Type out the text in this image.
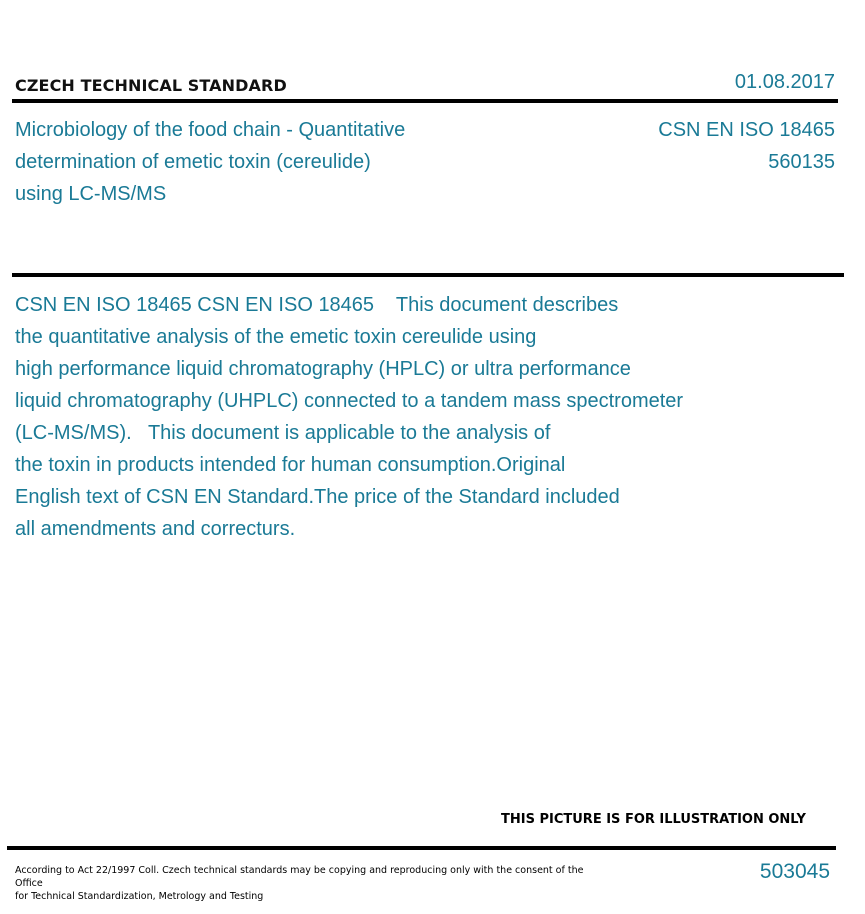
CZECH TECHNICAL STANDARD	01.08.2017
Microbiology of the food chain - Quantitative
determination of emetic toxin (cereulide)
using LC-MS/MS
CSN EN ISO 18465
560135
CSN EN ISO 18465 CSN EN ISO 18465    This document describes
the quantitative analysis of the emetic toxin cereulide using
high performance liquid chromatography (HPLC) or ultra performance
liquid chromatography (UHPLC) connected to a tandem mass spectrometer
(LC-MS/MS).   This document is applicable to the analysis of
the toxin in products intended for human consumption.Original
English text of CSN EN Standard.The price of the Standard included
all amendments and correcturs.
THIS PICTURE IS FOR ILLUSTRATION ONLY
According to Act 22/1997 Coll. Czech technical standards may be copying and reproducing only with the consent of the Office
for Technical Standardization, Metrology and Testing
503045
